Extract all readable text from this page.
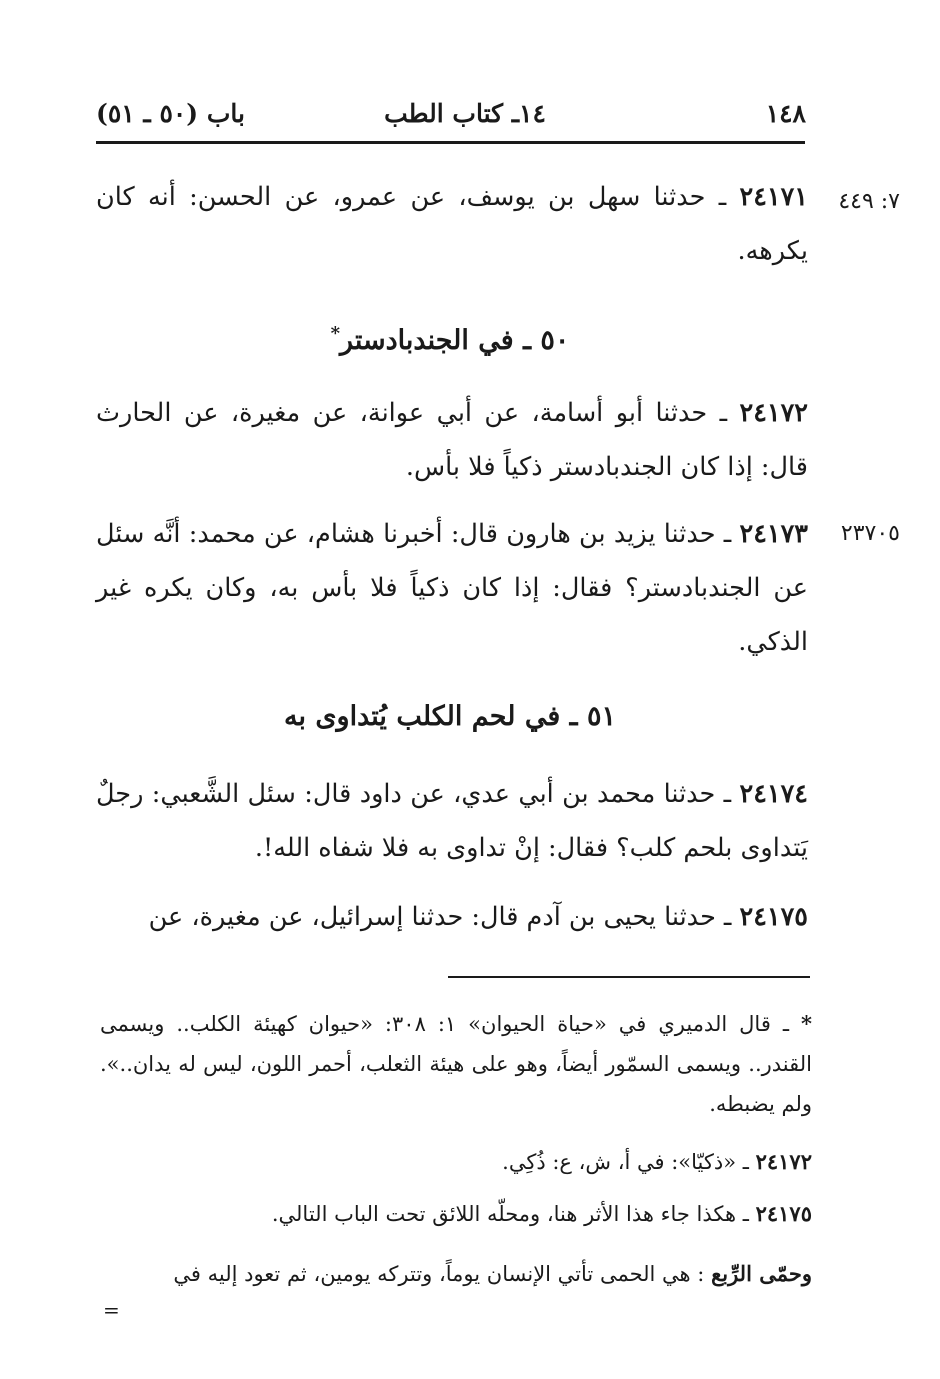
١٤٨
١٤ـ كتاب الطب
باب (٥٠ ـ ٥١)
٧: ٤٤٩
٢٤١٧١ ـ حدثنا سهل بن يوسف، عن عمرو، عن الحسن: أنه كان يكرهه.
٥٠ ـ في الجندبادستر*
٢٤١٧٢ ـ حدثنا أبو أسامة، عن أبي عوانة، عن مغيرة، عن الحارث قال: إذا كان الجندبادستر ذكياً فلا بأس.
٢٣٧٠٥
٢٤١٧٣ ـ حدثنا يزيد بن هارون قال: أخبرنا هشام، عن محمد: أنَّه سئل عن الجندبادستر؟ فقال: إذا كان ذكياً فلا بأس به، وكان يكره غير الذكي.
٥١ ـ في لحم الكلب يُتداوى به
٢٤١٧٤ ـ حدثنا محمد بن أبي عدي، عن داود قال: سئل الشَّعبي: رجلٌ يَتداوى بلحم كلب؟ فقال: إنْ تداوى به فلا شفاه الله!.
٢٤١٧٥ ـ حدثنا يحيى بن آدم قال: حدثنا إسرائيل، عن مغيرة، عن
* ـ قال الدميري في «حياة الحيوان» ١: ٣٠٨: «حيوان كهيئة الكلب.. ويسمى القندر.. ويسمى السمّور أيضاً، وهو على هيئة الثعلب، أحمر اللون، ليس له يدان..». ولم يضبطه.
٢٤١٧٢ ـ «ذكيّا»: في أ، ش، ع: ذُكِي.
٢٤١٧٥ ـ هكذا جاء هذا الأثر هنا، ومحلّه اللائق تحت الباب التالي.
وحمّى الرِّبع : هي الحمى تأتي الإنسان يوماً، وتتركه يومين، ثم تعود إليه في
=
